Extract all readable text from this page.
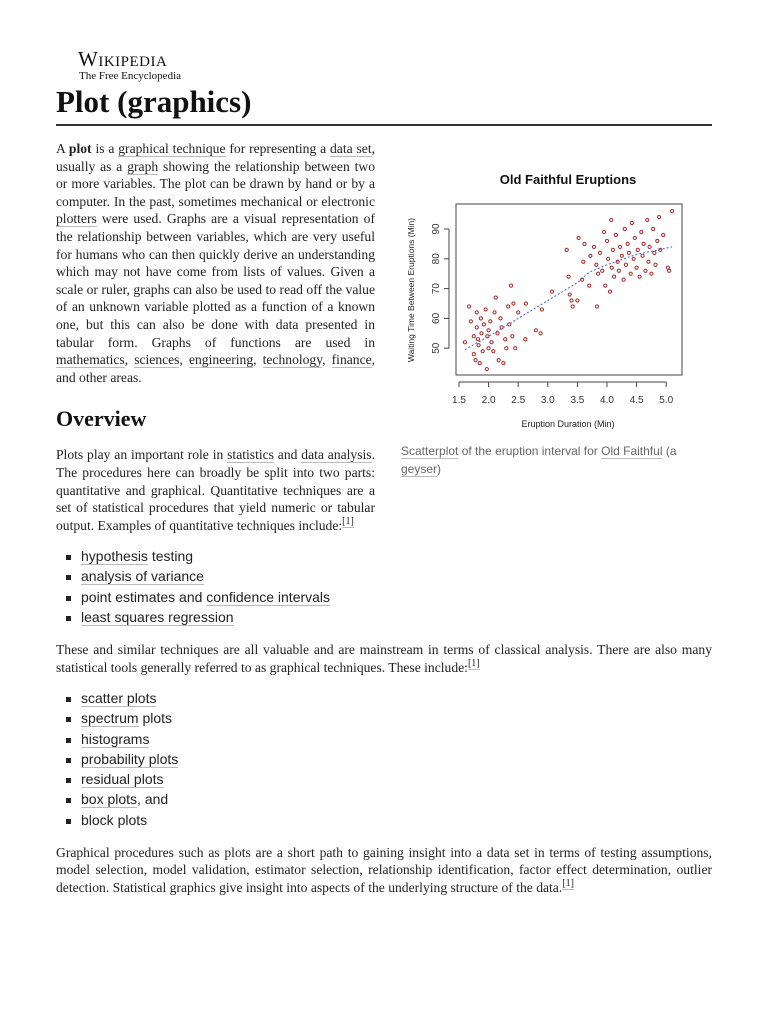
Wikipedia
The Free Encyclopedia
Plot (graphics)
Old Faithful Eruptions
1.5 2.0 2.5 3.0 3.5 4.0 4.5 5.0
50
60
70
80
90
Eruption Duration (Min)
Waiting Time Between Eruptions (Min)
Scatterplot of the eruption interval for Old Faithful (a geyser)

A plot is a graphical technique for representing a data set, usually as a graph showing the relationship between two or more variables. The plot can be drawn by hand or by a computer. In the past, sometimes mechanical or electronic plotters were used. Graphs are a visual representation of the relationship between variables, which are very useful for humans who can then quickly derive an understanding which may not have come from lists of values. Given a scale or ruler, graphs can also be used to read off the value of an unknown variable plotted as a function of a known one, but this can also be done with data presented in tabular form. Graphs of functions are used in mathematics, sciences, engineering, technology, finance, and other areas.

Overview

Plots play an important role in statistics and data analysis. The procedures here can broadly be split into two parts: quantitative and graphical. Quantitative techniques are a set of statistical procedures that yield numeric or tabular output. Examples of quantitative techniques include:[1]

hypothesis testing
analysis of variance
point estimates and confidence intervals
least squares regression

These and similar techniques are all valuable and are mainstream in terms of classical analysis. There are also many statistical tools generally referred to as graphical techniques. These include:[1]

scatter plots
spectrum plots
histograms
probability plots
residual plots
box plots, and
block plots

Graphical procedures such as plots are a short path to gaining insight into a data set in terms of testing assumptions, model selection, model validation, estimator selection, relationship identification, factor effect determination, outlier detection. Statistical graphics give insight into aspects of the underlying structure of the data.[1]
